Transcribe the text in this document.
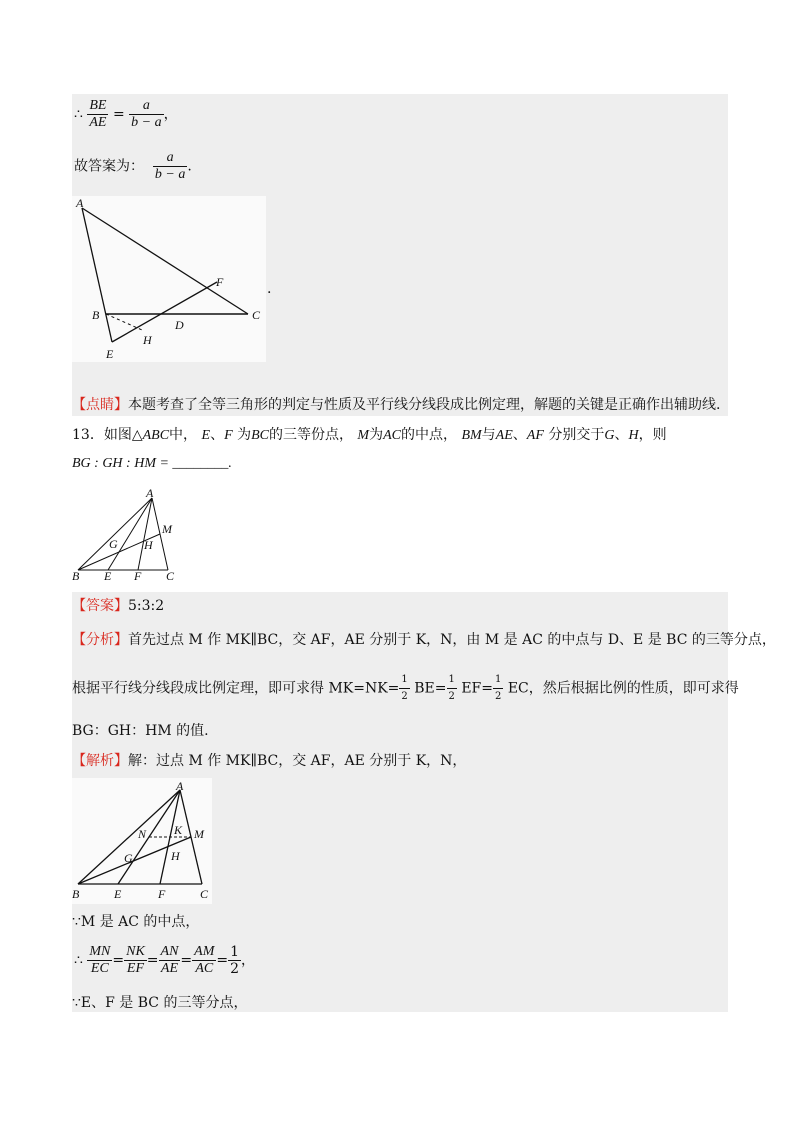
∴ $\frac{BE}{AE} = \frac{a}{b - a}$ ，
故答案为： $\frac{a}{b - a}$ .
A
B	C
D
E
F
H
.
【点睛】本题考查了全等三角形的判定与性质及平行线分线段成比例定理，解题的关键是正确作出辅助线.
13．如图△ABC中， E、F 为BC的三等份点， M为AC的中点， BM与AE、AF 分别交于G、H，则
BG : GH : HM = ________.
A
B	C
E F
G H
M
【答案】5:3:2
【分析】首先过点 M 作 MK∥BC，交 AF，AE 分别于 K，N，由 M 是 AC 的中点与 D、E 是 BC 的三等分点，
根据平行线分线段成比例定理，即可求得 $MK=NK= \frac{1}{2} BE= \frac{1}{2} EF= \frac{1}{2}$ EC，然后根据比例的性质，即可求得
BG：GH：HM 的值.
【解析】解：过点 M 作 MK∥BC，交 AF，AE 分别于 K，N，
A
B	C
E	F
G	H
K M
N
∵M 是 AC 的中点，
∴ $\frac{MN}{EC} = \frac{NK}{EF} = \frac{AN}{AE} = \frac{AM}{AC} = \frac{1}{2}$ ，
∵E、F 是 BC 的三等分点，
